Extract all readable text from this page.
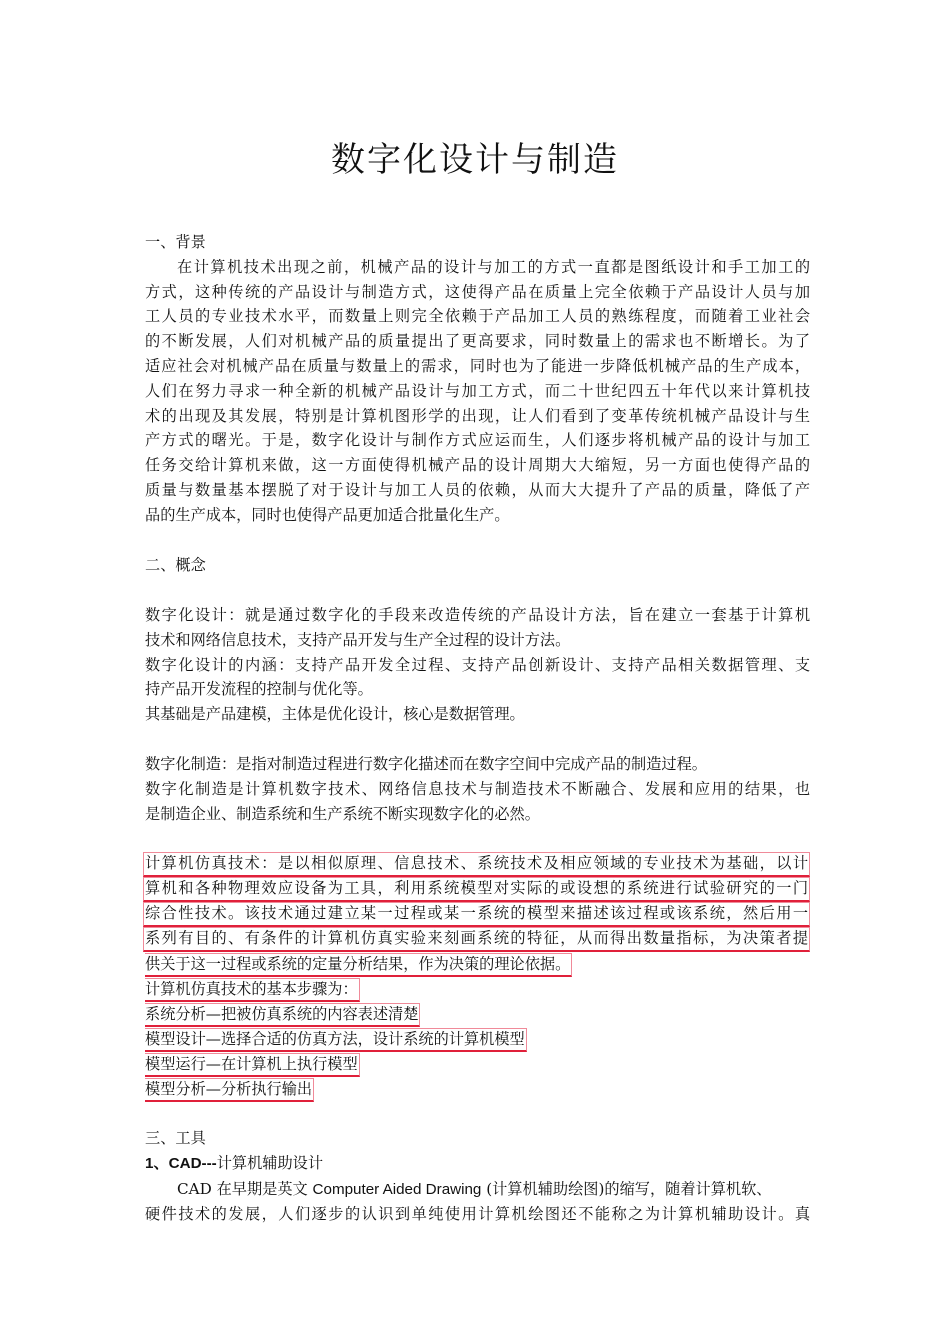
数字化设计与制造
一、背景
在计算机技术出现之前，机械产品的设计与加工的方式一直都是图纸设计和手工加工的
方式，这种传统的产品设计与制造方式，这使得产品在质量上完全依赖于产品设计人员与加
工人员的专业技术水平，而数量上则完全依赖于产品加工人员的熟练程度，而随着工业社会
的不断发展，人们对机械产品的质量提出了更高要求，同时数量上的需求也不断增长。为了
适应社会对机械产品在质量与数量上的需求，同时也为了能进一步降低机械产品的生产成本，
人们在努力寻求一种全新的机械产品设计与加工方式，而二十世纪四五十年代以来计算机技
术的出现及其发展，特别是计算机图形学的出现，让人们看到了变革传统机械产品设计与生
产方式的曙光。于是，数字化设计与制作方式应运而生，人们逐步将机械产品的设计与加工
任务交给计算机来做，这一方面使得机械产品的设计周期大大缩短，另一方面也使得产品的
质量与数量基本摆脱了对于设计与加工人员的依赖，从而大大提升了产品的质量，降低了产
品的生产成本，同时也使得产品更加适合批量化生产。
二、概念
数字化设计：就是通过数字化的手段来改造传统的产品设计方法，旨在建立一套基于计算机
技术和网络信息技术，支持产品开发与生产全过程的设计方法。
数字化设计的内涵：支持产品开发全过程、支持产品创新设计、支持产品相关数据管理、支
持产品开发流程的控制与优化等。
其基础是产品建模，主体是优化设计，核心是数据管理。
数字化制造：是指对制造过程进行数字化描述而在数字空间中完成产品的制造过程。
数字化制造是计算机数字技术、网络信息技术与制造技术不断融合、发展和应用的结果，也
是制造企业、制造系统和生产系统不断实现数字化的必然。
计算机仿真技术：是以相似原理、信息技术、系统技术及相应领域的专业技术为基础，以计
算机和各种物理效应设备为工具，利用系统模型对实际的或设想的系统进行试验研究的一门
综合性技术。该技术通过建立某一过程或某一系统的模型来描述该过程或该系统，然后用一
系列有目的、有条件的计算机仿真实验来刻画系统的特征，从而得出数量指标，为决策者提
供关于这一过程或系统的定量分析结果，作为决策的理论依据。
计算机仿真技术的基本步骤为：
系统分析—把被仿真系统的内容表述清楚
模型设计—选择合适的仿真方法，设计系统的计算机模型
模型运行—在计算机上执行模型
模型分析—分析执行输出
三、工具
1、CAD---计算机辅助设计
CAD 在早期是英文 Computer Aided Drawing (计算机辅助绘图)的缩写，随着计算机软、
硬件技术的发展，人们逐步的认识到单纯使用计算机绘图还不能称之为计算机辅助设计。真
